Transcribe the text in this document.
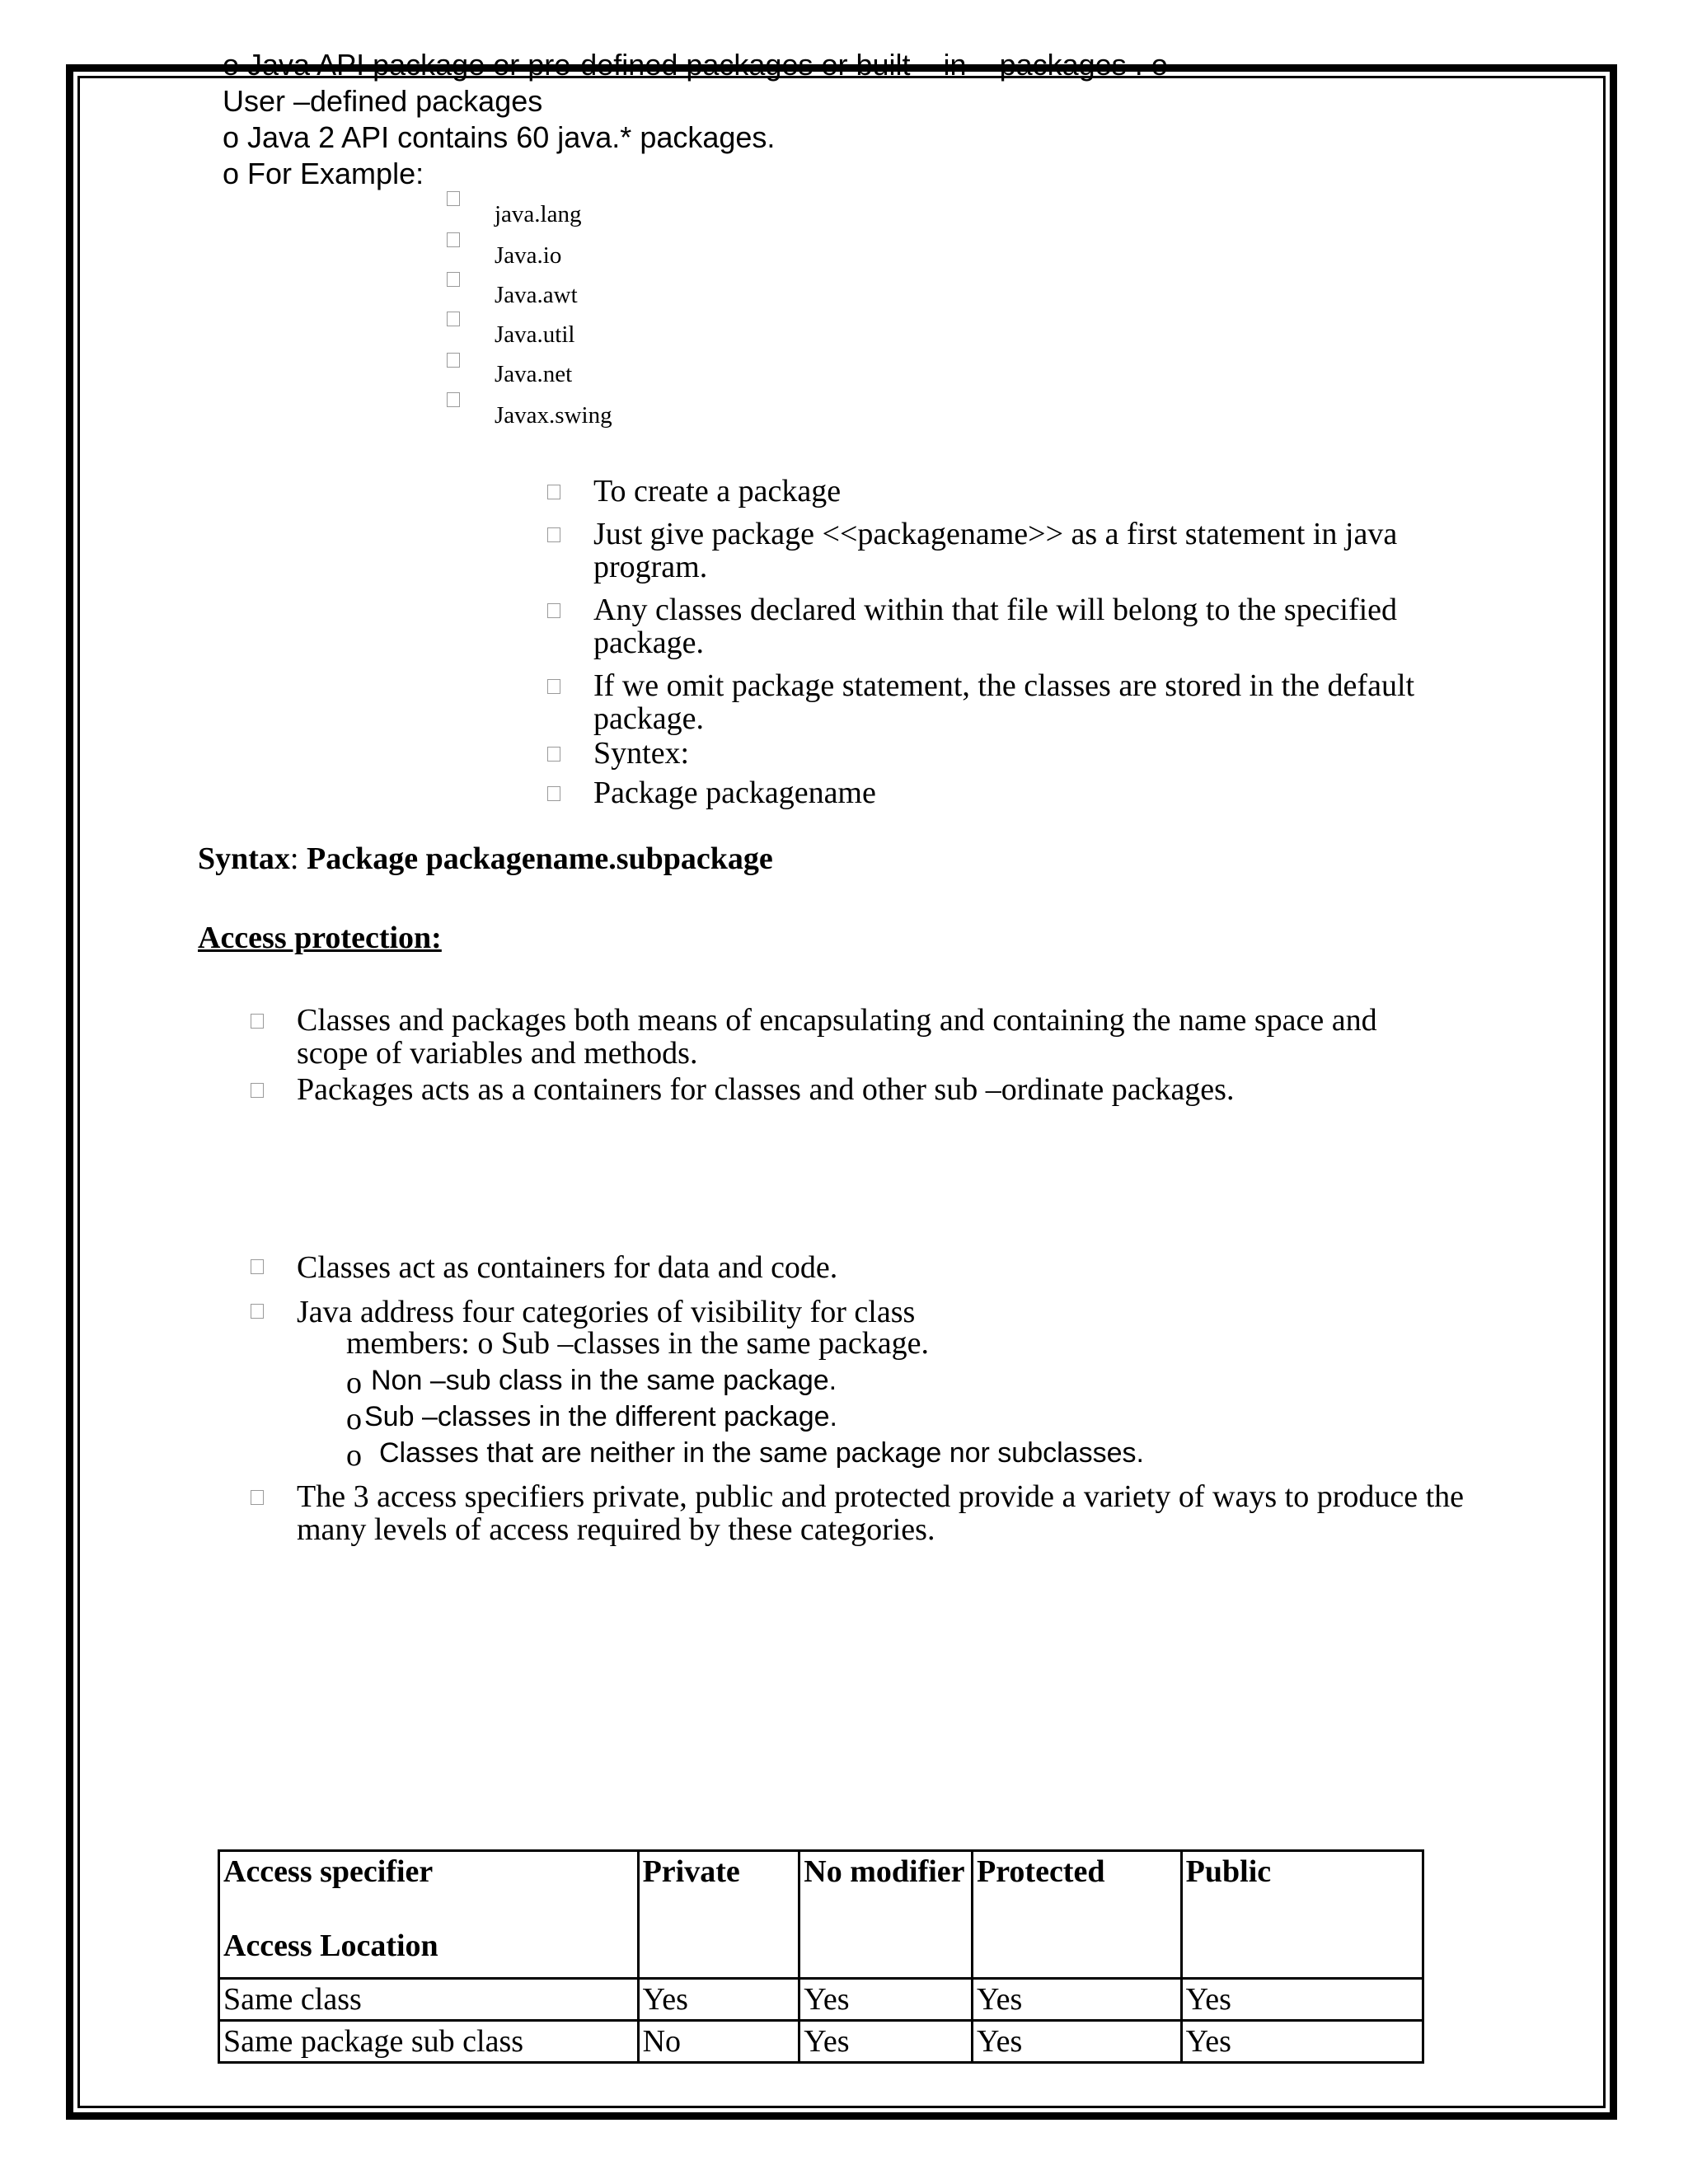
o Java API package or pre-defined packages or built – in – packages . o
User –defined packages
o Java 2 API contains 60 java.* packages.
o For Example:
java.lang
Java.io
Java.awt
Java.util
Java.net
Javax.swing
To create a package
Just give package <<packagename>> as a first statement in java program.
Any classes declared within that file will belong to the specified package.
If we omit package statement, the classes are stored in the default package.
Syntex:
Package packagename
Syntax: Package packagename.subpackage
Access protection:
Classes and packages both means of encapsulating and containing the name space and scope of variables and methods.
Packages acts as a containers for classes and other sub –ordinate packages.
Classes act as containers for data and code.
Java address four categories of visibility for class
members: o Sub –classes in the same package.
o Non –sub class in the same package.
o Sub –classes in the different package.
o Classes that are neither in the same package nor subclasses.
The 3 access specifiers private, public and protected provide a variety of ways to produce the many levels of access required by these categories.
Access specifier
Access Location	Private	No modifier	Protected	Public
Same class	Yes	Yes	Yes	Yes
Same package sub class	No	Yes	Yes	Yes
